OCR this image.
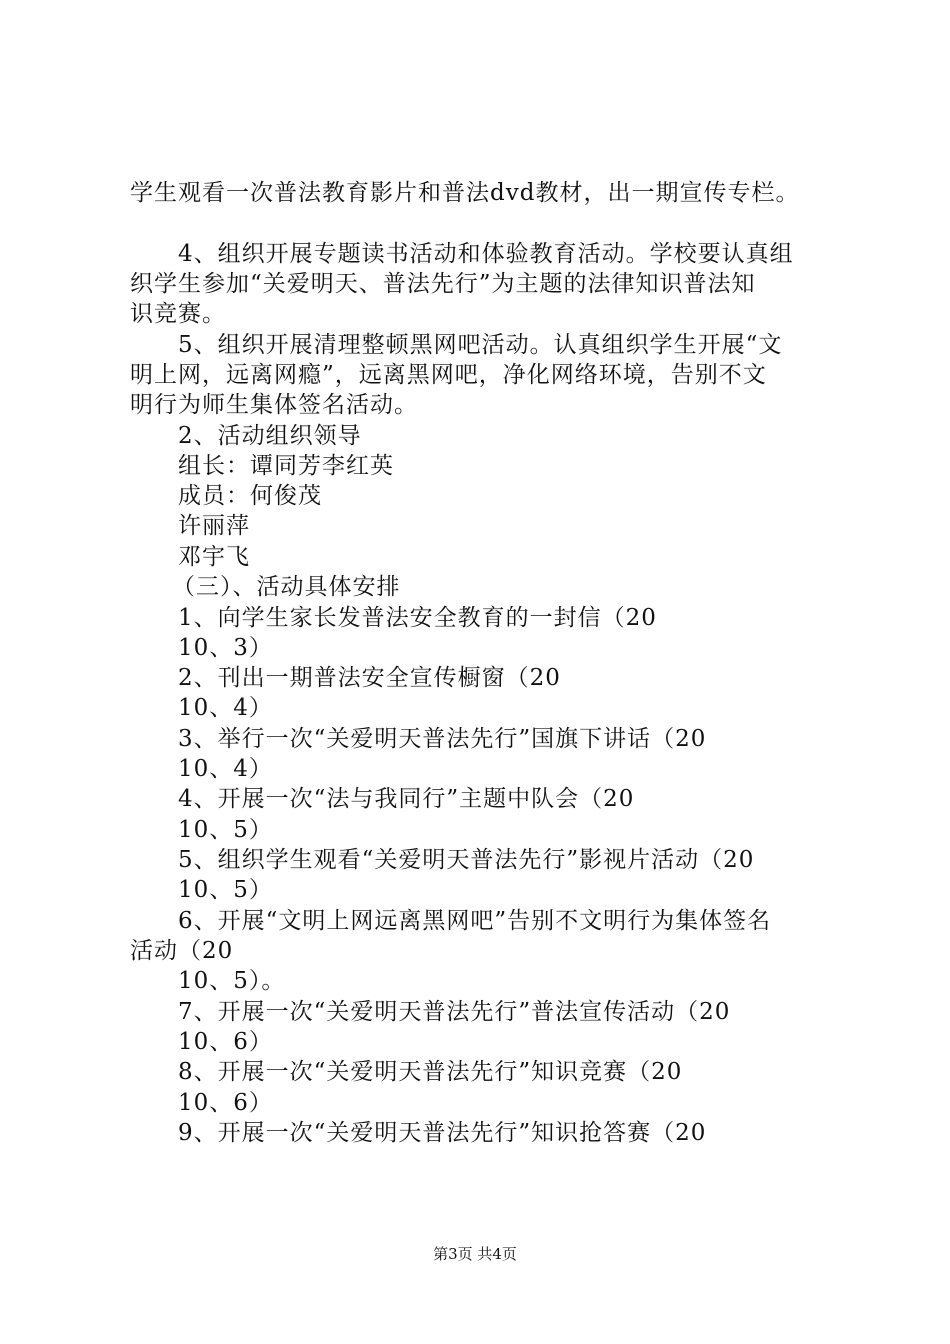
学生观看一次普法教育影片和普法dvd教材，出一期宣传专栏。
4、组织开展专题读书活动和体验教育活动。学校要认真组
织学生参加“关爱明天、普法先行”为主题的法律知识普法知
识竞赛。
5、组织开展清理整顿黑网吧活动。认真组织学生开展“文
明上网，远离网瘾”，远离黑网吧，净化网络环境，告别不文
明行为师生集体签名活动。
2、活动组织领导
组长：谭同芳李红英
成员：何俊茂
许丽萍
邓宇飞
（三）、活动具体安排
1、向学生家长发普法安全教育的一封信（20
10、3）
2、刊出一期普法安全宣传橱窗（20
10、4）
3、举行一次“关爱明天普法先行”国旗下讲话（20
10、4）
4、开展一次“法与我同行”主题中队会（20
10、5）
5、组织学生观看“关爱明天普法先行”影视片活动（20
10、5）
6、开展“文明上网远离黑网吧”告别不文明行为集体签名
活动（20
10、5）。
7、开展一次“关爱明天普法先行”普法宣传活动（20
10、6）
8、开展一次“关爱明天普法先行”知识竞赛（20
10、6）
9、开展一次“关爱明天普法先行”知识抢答赛（20
第3页 共4页
